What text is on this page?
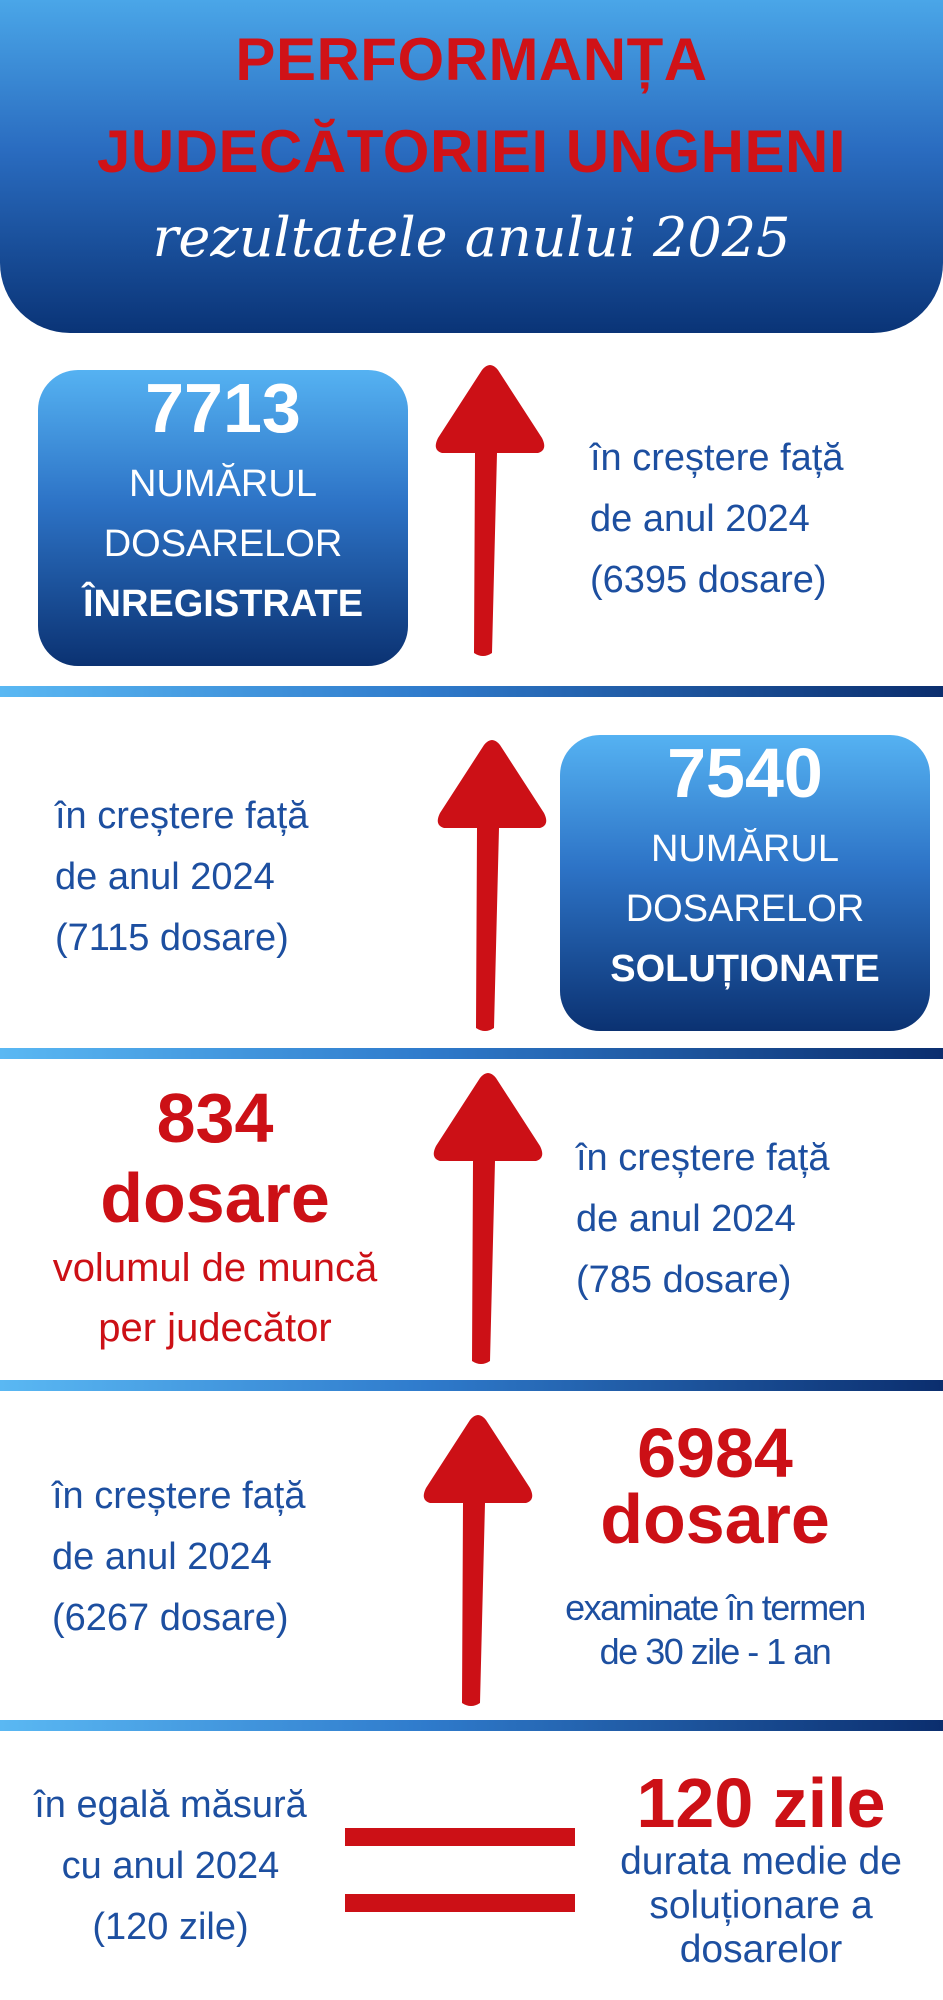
PERFORMANȚA
JUDECĂTORIEI UNGHENI
rezultatele anului 2025
7713
NUMĂRUL
DOSARELOR
ÎNREGISTRATE
în creștere față
de anul 2024
(6395 dosare)
în creștere față
de anul 2024
(7115 dosare)
7540
NUMĂRUL
DOSARELOR
SOLUȚIONATE
834
dosare
volumul de muncă
per judecător
în creștere față
de anul 2024
(785 dosare)
în creștere față
de anul 2024
(6267 dosare)
6984
dosare
examinate în termen
de 30 zile - 1 an
în egală măsură
cu anul 2024
(120 zile)
120 zile
durata medie de
soluționare a
dosarelor
